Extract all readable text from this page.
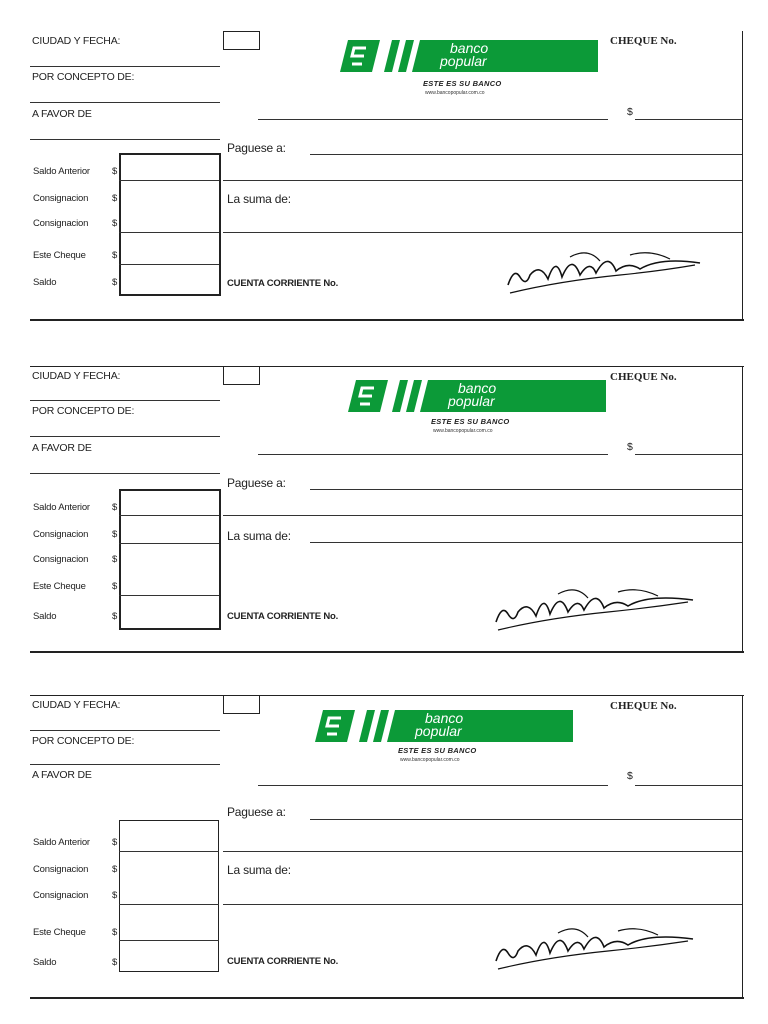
CIUDAD Y FECHA:
POR CONCEPTO DE:
A FAVOR DE
Saldo Anterior $
Consignacion	$
Consignacion	$
Este Cheque	$
Saldo	$
banco
popular
ESTE ES SU BANCO
www.bancopopular.com.co
CHEQUE No.
$
Paguese a:
La suma de:
CUENTA CORRIENTE No.
CIUDAD Y FECHA:
POR CONCEPTO DE:
A FAVOR DE
Saldo Anterior $
Consignacion	$
Consignacion	$
Este Cheque	$
Saldo	$
banco
popular
ESTE ES SU BANCO
www.bancopopular.com.co
CHEQUE No.
$
Paguese a:
La suma de:
CUENTA CORRIENTE No.
CIUDAD Y FECHA:
POR CONCEPTO DE:
A FAVOR DE
Saldo Anterior $
Consignacion	$
Consignacion	$
Este Cheque	$
Saldo	$
banco
popular
ESTE ES SU BANCO
www.bancopopular.com.co
CHEQUE No.
$
Paguese a:
La suma de:
CUENTA CORRIENTE No.
